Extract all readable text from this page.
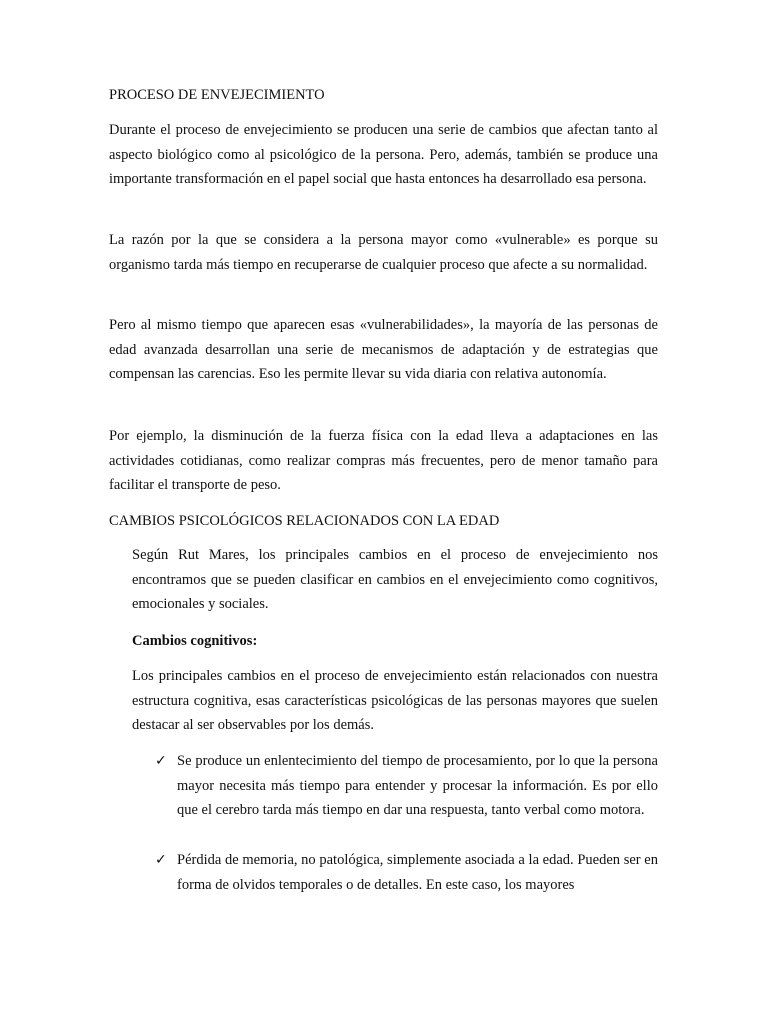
PROCESO DE ENVEJECIMIENTO

Durante el proceso de envejecimiento se producen una serie de cambios que afectan tanto al aspecto biológico como al psicológico de la persona. Pero, además, también se produce una importante transformación en el papel social que hasta entonces ha desarrollado esa persona.

La razón por la que se considera a la persona mayor como «vulnerable» es porque su organismo tarda más tiempo en recuperarse de cualquier proceso que afecte a su normalidad.

Pero al mismo tiempo que aparecen esas «vulnerabilidades», la mayoría de las personas de edad avanzada desarrollan una serie de mecanismos de adaptación y de estrategias que compensan las carencias. Eso les permite llevar su vida diaria con relativa autonomía.

Por ejemplo, la disminución de la fuerza física con la edad lleva a adaptaciones en las actividades cotidianas, como realizar compras más frecuentes, pero de menor tamaño para facilitar el transporte de peso.

CAMBIOS PSICOLÓGICOS RELACIONADOS CON LA EDAD

Según Rut Mares, los principales cambios en el proceso de envejecimiento nos encontramos que se pueden clasificar en cambios en el envejecimiento como cognitivos, emocionales y sociales.

Cambios cognitivos:

Los principales cambios en el proceso de envejecimiento están relacionados con nuestra estructura cognitiva, esas características psicológicas de las personas mayores que suelen destacar al ser observables por los demás.

✓ Se produce un enlentecimiento del tiempo de procesamiento, por lo que la persona mayor necesita más tiempo para entender y procesar la información. Es por ello que el cerebro tarda más tiempo en dar una respuesta, tanto verbal como motora.

✓ Pérdida de memoria, no patológica, simplemente asociada a la edad. Pueden ser en forma de olvidos temporales o de detalles. En este caso, los mayores
